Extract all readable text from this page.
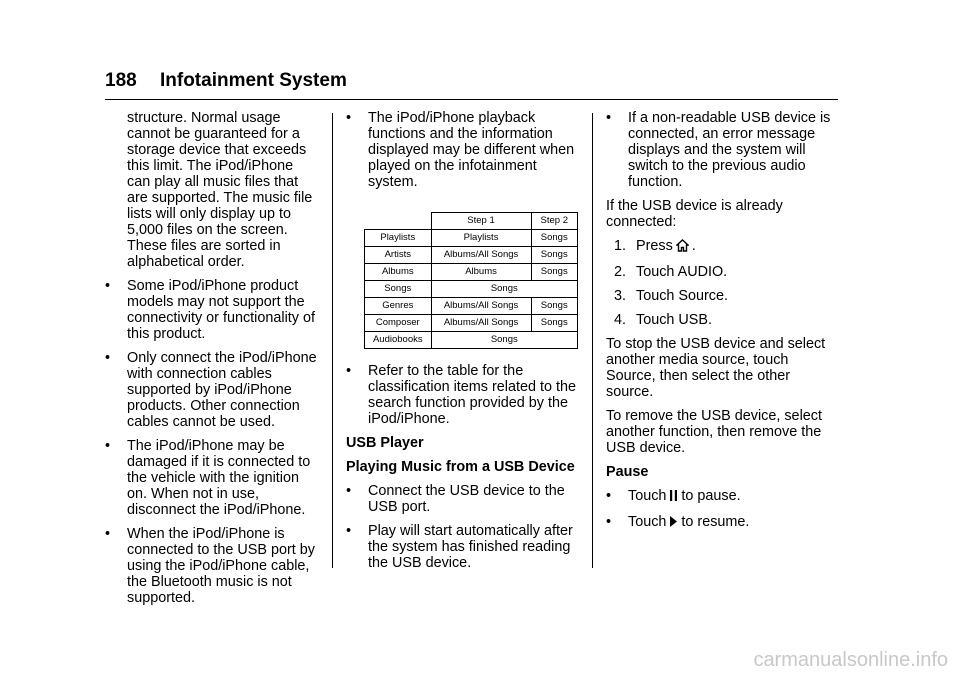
188 Infotainment System

structure. Normal usage cannot be guaranteed for a storage device that exceeds this limit. The iPod/iPhone can play all music files that are supported. The music file lists will only display up to 5,000 files on the screen. These files are sorted in alphabetical order.

• Some iPod/iPhone product models may not support the connectivity or functionality of this product.
• Only connect the iPod/iPhone with connection cables supported by iPod/iPhone products. Other connection cables cannot be used.
• The iPod/iPhone may be damaged if it is connected to the vehicle with the ignition on. When not in use, disconnect the iPod/iPhone.
• When the iPod/iPhone is connected to the USB port by using the iPod/iPhone cable, the Bluetooth music is not supported.
• The iPod/iPhone playback functions and the information displayed may be different when played on the infotainment system.
	Step 1	Step 2
Playlists	Playlists	Songs
Artists	Albums/All Songs	Songs
Albums	Albums	Songs
Songs	Songs	
Genres	Albums/All Songs	Songs
Composer	Albums/All Songs	Songs
Audiobooks	Songs	
• Refer to the table for the classification items related to the search function provided by the iPod/iPhone.
USB Player
Playing Music from a USB Device
• Connect the USB device to the USB port.
• Play will start automatically after the system has finished reading the USB device.
• If a non-readable USB device is connected, an error message displays and the system will switch to the previous audio function.

If the USB device is already connected:

1. Press .
2. Touch AUDIO.
3. Touch Source.
4. Touch USB.

To stop the USB device and select another media source, touch Source, then select the other source.

To remove the USB device, select another function, then remove the USB device.

Pause
• Touch to pause.
• Touch to resume.
carmanualsonline.info
